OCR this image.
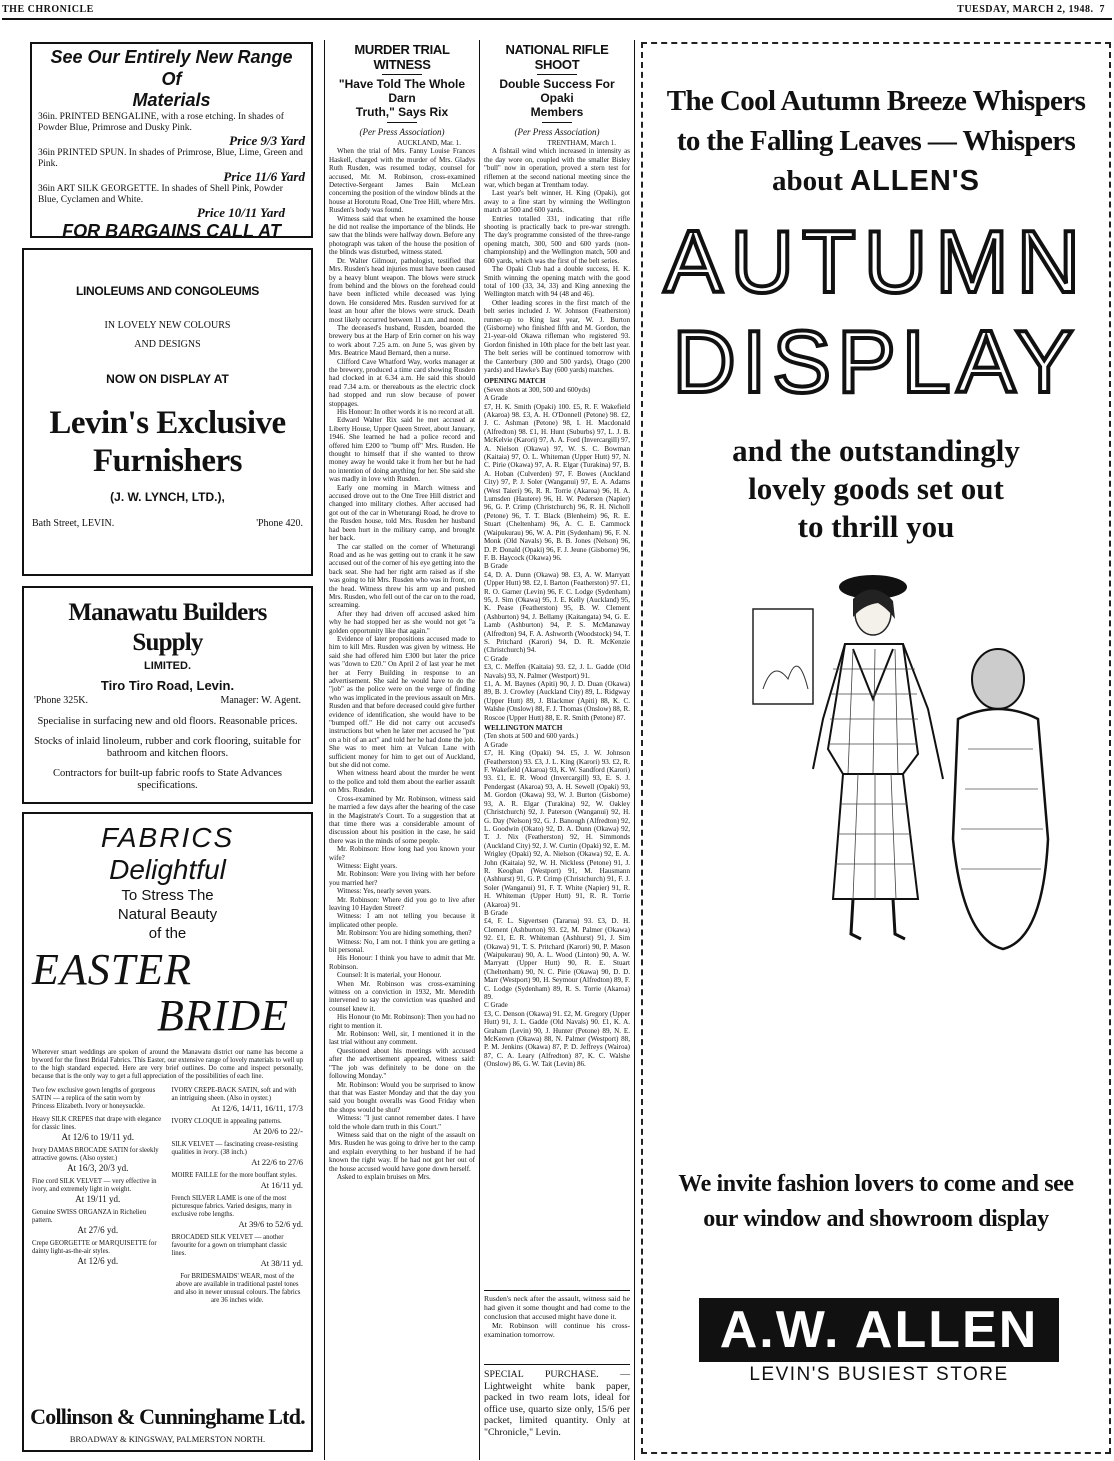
THE CHRONICLE	TUESDAY, MARCH 2, 1948. 7
See Our Entirely New Range Of
Materials

36in. PRINTED BENGALINE, with a rose etching. In shades of Powder Blue, Primrose and Dusky Pink.

Price 9/3 Yard

36in PRINTED SPUN. In shades of Primrose, Blue, Lime, Green and Pink.

Price 11/6 Yard

36in ART SILK GEORGETTE. In shades of Shell Pink, Powder Blue, Cyclamen and White.

Price 10/11 Yard

FOR BARGAINS CALL AT
LINOLEUMS AND CONGOLEUMS
IN LOVELY NEW COLOURS
AND DESIGNS
NOW ON DISPLAY AT
Levin's Exclusive
Furnishers
(J. W. LYNCH, LTD.),
Bath Street, LEVIN.	'Phone 420.
Manawatu Builders Supply
LIMITED.
Tiro Tiro Road, Levin.
'Phone 325K.	Manager: W. Agent.

Specialise in surfacing new and old floors. Reasonable prices.

Stocks of inlaid linoleum, rubber and cork flooring, suitable for bathroom and kitchen floors.

Contractors for built-up fabric roofs to State Advances specifications.

FABRICS
Delightful
To Stress The
Natural Beauty
of the
EASTER
BRIDE

Wherever smart weddings are spoken of around the Manawatu district our name has become a byword for the finest Bridal Fabrics. This Easter, our extensive range of lovely materials to well up to the high standard expected. Here are very brief outlines. Do come and inspect personally, because that is the only way to get a full appreciation of the possibilities of each line.

Two few exclusive gown lengths of gorgeous SATIN — a replica of the satin worn by Princess Elizabeth. Ivory or honeysuckle.

Heavy SILK CREPES that drape with elegance for classic lines.

At 12/6 to 19/11 yd.

Ivory DAMAS BROCADE SATIN for sleekly attractive gowns. (Also oyster.)

At 16/3, 20/3 yd.

Fine cord SILK VELVET — very effective in ivory, and extremely light in weight.

At 19/11 yd.

Genuine SWISS ORGANZA in Richelieu pattern.

At 27/6 yd.

Crepe GEORGETTE or MARQUISETTE for dainty light-as-the-air styles.

At 12/6 yd.

IVORY CREPE-BACK SATIN, soft and with an intriguing sheen. (Also in oyster.)

At 12/6, 14/11, 16/11, 17/3

IVORY CLOQUE in appealing patterns.

At 20/6 to 22/-

SILK VELVET — fascinating crease-resisting qualities in ivory. (38 inch.)

At 22/6 to 27/6

MOIRE FAILLE for the more bouffant styles.

At 16/11 yd.

French SILVER LAME is one of the most picturesque fabrics. Varied designs, many in exclusive robe lengths.

At 39/6 to 52/6 yd.

BROCADED SILK VELVET — another favourite for a gown on triumphant classic lines.

At 38/11 yd.

For BRIDESMAIDS' WEAR, most of the above are available in traditional pastel tones and also in newer unusual colours. The fabrics are 36 inches wide.

Collinson & Cunninghame Ltd.
BROADWAY & KINGSWAY, PALMERSTON NORTH.
MURDER TRIAL WITNESS
"Have Told The Whole Darn
Truth," Says Rix
(Per Press Association)
AUCKLAND, Mar. 1.

When the trial of Mrs. Fanny Louise Frances Haskell, charged with the murder of Mrs. Gladys Ruth Rusden, was resumed today, counsel for accused, Mr. M. Robinson, cross-examined Detective-Sergeant James Bain McLean concerning the position of the window blinds at the house at Horotutu Road, One Tree Hill, where Mrs. Rusden's body was found.

Witness said that when he examined the house he did not realise the importance of the blinds. He saw that the blinds were halfway down. Before any photograph was taken of the house the position of the blinds was disturbed, witness stated.

Dr. Walter Gilmour, pathologist, testified that Mrs. Rusden's head injuries must have been caused by a heavy blunt weapon. The blows were struck from behind and the blows on the forehead could have been inflicted while deceased was lying down. He considered Mrs. Rusden survived for at least an hour after the blows were struck. Death most likely occurred between 11 a.m. and noon.

The deceased's husband, Rusden, boarded the brewery bus at the Harp of Erin corner on his way to work about 7.25 a.m. on June 5, was given by Mrs. Beatrice Maud Bernard, then a nurse.

Clifford Cave Whatford Way, works manager at the brewery, produced a time card showing Rusden had clocked in at 6.34 a.m. He said this should read 7.34 a.m. or thereabouts as the electric clock had stopped and run slow because of power stoppages.

His Honour: In other words it is no record at all.

Edward Walter Rix said he met accused at Liberty House, Upper Queen Street, about January, 1946. She learned he had a police record and offered him £200 to "bump off" Mrs. Rusden. He thought to himself that if she wanted to throw money away he would take it from her but he had no intention of doing anything for her. She said she was madly in love with Rusden.

Early one morning in March witness and accused drove out to the One Tree Hill district and changed into military clothes. After accused had got out of the car in Wheturangi Road, he drove to the Rusden house, told Mrs. Rusden her husband had been hurt in the military camp, and brought her back.

The car stalled on the corner of Wheturangi Road and as he was getting out to crank it he saw accused out of the corner of his eye getting into the back seat. She had her right arm raised as if she was going to hit Mrs. Rusden who was in front, on the head. Witness threw his arm up and pushed Mrs. Rusden, who fell out of the car on to the road, screaming.

After they had driven off accused asked him why he had stopped her as she would not get "a golden opportunity like that again."

Evidence of later propositions accused made to him to kill Mrs. Rusden was given by witness. He said she had offered him £300 but later the price was "down to £20." On April 2 of last year he met her at Ferry Building in response to an advertisement. She said he would have to do the "job" as the police were on the verge of finding who was implicated in the previous assault on Mrs. Rusden and that before deceased could give further evidence of identification, she would have to be "bumped off." He did not carry out accused's instructions but when he later met accused he "put on a bit of an act" and told her he had done the job. She was to meet him at Vulcan Lane with sufficient money for him to get out of Auckland, but she did not come.

When witness heard about the murder he went to the police and told them about the earlier assault on Mrs. Rusden.

Cross-examined by Mr. Robinson, witness said he married a few days after the hearing of the case in the Magistrate's Court. To a suggestion that at that time there was a considerable amount of discussion about his position in the case, he said there was in the minds of some people.

Mr. Robinson: How long had you known your wife?

Witness: Eight years.

Mr. Robinson: Were you living with her before you married her?

Witness: Yes, nearly seven years.

Mr. Robinson: Where did you go to live after leaving 10 Hayden Street?

Witness: I am not telling you because it implicated other people.

Mr. Robinson: You are hiding something, then?

Witness: No, I am not. I think you are getting a bit personal.

His Honour: I think you have to admit that Mr. Robinson.

Counsel: It is material, your Honour.

When Mr. Robinson was cross-examining witness on a conviction in 1932, Mr. Meredith intervened to say the conviction was quashed and counsel knew it.

His Honour (to Mr. Robinson): Then you had no right to mention it.

Mr. Robinson: Well, sir, I mentioned it in the last trial without any comment.

Questioned about his meetings with accused after the advertisement appeared, witness said: "The job was definitely to be done on the following Monday."

Mr. Robinson: Would you be surprised to know that that was Easter Monday and that the day you said you bought overalls was Good Friday when the shops would be shut?

Witness: "I just cannot remember dates. I have told the whole darn truth in this Court."

Witness said that on the night of the assault on Mrs. Rusden he was going to drive her to the camp and explain everything to her husband if he had known the right way. If he had not got her out of the house accused would have gone down herself.

Asked to explain bruises on Mrs.

NATIONAL RIFLE SHOOT
Double Success For Opaki
Members
(Per Press Association)
TRENTHAM, March 1.

A fishtail wind which increased in intensity as the day wore on, coupled with the smaller Bisley "bull" now in operation, proved a stern test for riflemen at the second national meeting since the war, which began at Trentham today.

Last year's belt winner, H. King (Opaki), got away to a fine start by winning the Wellington match at 500 and 600 yards.

Entries totalled 331, indicating that rifle shooting is practically back to pre-war strength. The day's programme consisted of the three-range opening match, 300, 500 and 600 yards (non-championship) and the Wellington match, 500 and 600 yards, which was the first of the belt series.

The Opaki Club had a double success, H. K. Smith winning the opening match with the good total of 100 (33, 34, 33) and King annexing the Wellington match with 94 (48 and 46).

Other leading scores in the first match of the belt series included J. W. Johnson (Featherston) runner-up to King last year, W. J. Burton (Gisborne) who finished fifth and M. Gordon, the 21-year-old Okawa rifleman who registered 93. Gordon finished in 10th place for the belt last year. The belt series will be continued tomorrow with the Canterbury (300 and 500 yards), Otago (200 yards) and Hawke's Bay (600 yards) matches.

OPENING MATCH
(Seven shots at 300, 500 and 600yds)
A Grade

£7, H. K. Smith (Opaki) 100. £5, R. F. Wakefield (Akaroa) 98. £3, A. H. O'Donnell (Petone) 98. £2, J. C. Ashman (Petone) 98, I. H. Macdonald (Alfredton) 98. £1, H. Hunt (Suburbs) 97, L. J. B. McKelvie (Karori) 97, A. A. Ford (Invercargill) 97, A. Nielson (Okawa) 97, W. S. C. Bowman (Kaitaia) 97, O. L. Whiteman (Upper Hutt) 97, N. C. Pirie (Okawa) 97, A. R. Elgar (Turakina) 97, B. A. Hoban (Culverden) 97, F. Bowes (Auckland City) 97, P. J. Soler (Wanganui) 97, E. A. Adams (West Taieri) 96, R. R. Torrie (Akaroa) 96, H. A. Lumsden (Hautere) 96, H. W. Pedersen (Napier) 96, G. P. Crimp (Christchurch) 96, R. H. Nicholl (Petone) 96, T. T. Black (Blenheim) 96, R. E. Stuart (Cheltenham) 96, A. C. E. Cammock (Waipukurau) 96, W. A. Pitt (Sydenham) 96, F. N. Monk (Old Navals) 96, B. B. Jones (Nelson) 96, D. P. Donald (Opaki) 96, F. J. Jeune (Gisborne) 96, F. B. Haycock (Okawa) 96.

B Grade

£4, D. A. Dunn (Okawa) 98. £3, A. W. Marryatt (Upper Hutt) 98. £2, I. Barton (Featherston) 97. £1, R. O. Garner (Levin) 96, F. C. Lodge (Sydenham) 95, J. Sim (Okawa) 95, J. E. Kelly (Auckland) 95, K. Pease (Featherston) 95, B. W. Clement (Ashburton) 94, J. Bellamy (Kaitangata) 94, G. E. Lamb (Ashburton) 94, P. S. McManaway (Alfredton) 94, F. A. Ashworth (Woodstock) 94, T. S. Pritchard (Karori) 94, D. R. McKenzie (Christchurch) 94.

C Grade

£3, C. Meffen (Kaitaia) 93. £2, J. L. Gadde (Old Navals) 93, N. Palmer (Westport) 91.

£1, A. M. Baynes (Apiti) 90, J. D. Duan (Okawa) 89, B. J. Crowley (Auckland City) 89, L. Ridgway (Upper Hutt) 89, J. Blackmer (Apiti) 88, K. C. Walshe (Onslow) 88, F. J. Thomas (Onslow) 88, R. Roscoe (Upper Hutt) 88, E. R. Smith (Petone) 87.

WELLINGTON MATCH
(Ten shots at 500 and 600 yards.)
A Grade

£7, H. King (Opaki) 94. £5, J. W. Johnson (Featherston) 93. £3, J. L. King (Karori) 93. £2, R. F. Wakefield (Akaroa) 93, K. W. Sandford (Karori) 93. £1, E. R. Wood (Invercargill) 93, E. S. J. Pendergast (Akaroa) 93, A. H. Sewell (Opaki) 93, M. Gordon (Okawa) 93, W. J. Burton (Gisborne) 93, A. R. Elgar (Turakina) 92, W. Oakley (Christchurch) 92, J. Paterson (Wanganui) 92, H. G. Day (Nelson) 92, G. J. Banough (Alfredton) 92, L. Goodwin (Okato) 92, D. A. Dunn (Okawa) 92, T. J. Nix (Featherston) 92, H. Simmonds (Auckland City) 92, J. W. Curtin (Opaki) 92, E. M. Wrigley (Opaki) 92, A. Nielson (Okawa) 92, E. A. John (Kaitaia) 92, W. H. Nickless (Petone) 91, J. R. Keoghan (Westport) 91, M. Hausmann (Ashhurst) 91, G. P. Crimp (Christchurch) 91, F. J. Soler (Wanganui) 91, F. T. White (Napier) 91, R. H. Whiteman (Upper Hutt) 91, R. R. Torrie (Akaroa) 91.

B Grade

£4, F. L. Sigvertsen (Tararua) 93. £3, D. H. Clement (Ashburton) 93. £2, M. Palmer (Okawa) 92. £1, E. R. Whiteman (Ashhurst) 91, J. Sim (Okawa) 91, T. S. Pritchard (Karori) 90, P. Mason (Waipukurau) 90, A. L. Wood (Linton) 90, A. W. Marryatt (Upper Hutt) 90, R. E. Stuart (Cheltenham) 90, N. C. Pirie (Okawa) 90, D. D. Marr (Westport) 90, H. Seymour (Alfredton) 89, F. C. Lodge (Sydenham) 89, R. S. Torrie (Akaroa) 89.

C Grade

£3, C. Denson (Okawa) 91. £2, M. Gregory (Upper Hutt) 91, J. L. Gadde (Old Navals) 90. £1, K. A. Graham (Levin) 90, J. Hunter (Petone) 89, N. E. McKeown (Okawa) 88, N. Palmer (Westport) 88, P. M. Jenkins (Okawa) 87, P. D. Jeffreys (Wairoa) 87, C. A. Leary (Alfredton) 87, K. C. Walshe (Onslow) 86, G. W. Tait (Levin) 86.

Rusden's neck after the assault, witness said he had given it some thought and had come to the conclusion that accused might have done it.

Mr. Robinson will continue his cross-examination tomorrow.

SPECIAL PURCHASE. — Lightweight white bank paper, packed in two ream lots, ideal for office use, quarto size only, 15/6 per packet, limited quantity. Only at "Chronicle," Levin.

The Cool Autumn Breeze Whispers
to the Falling Leaves — Whispers
about ALLEN'S
AUTUMN
DISPLAY
and the outstandingly
lovely goods set out
to thrill you
We invite fashion lovers to come and see
our window and showroom display
A.W. ALLEN
LEVIN'S BUSIEST STORE
